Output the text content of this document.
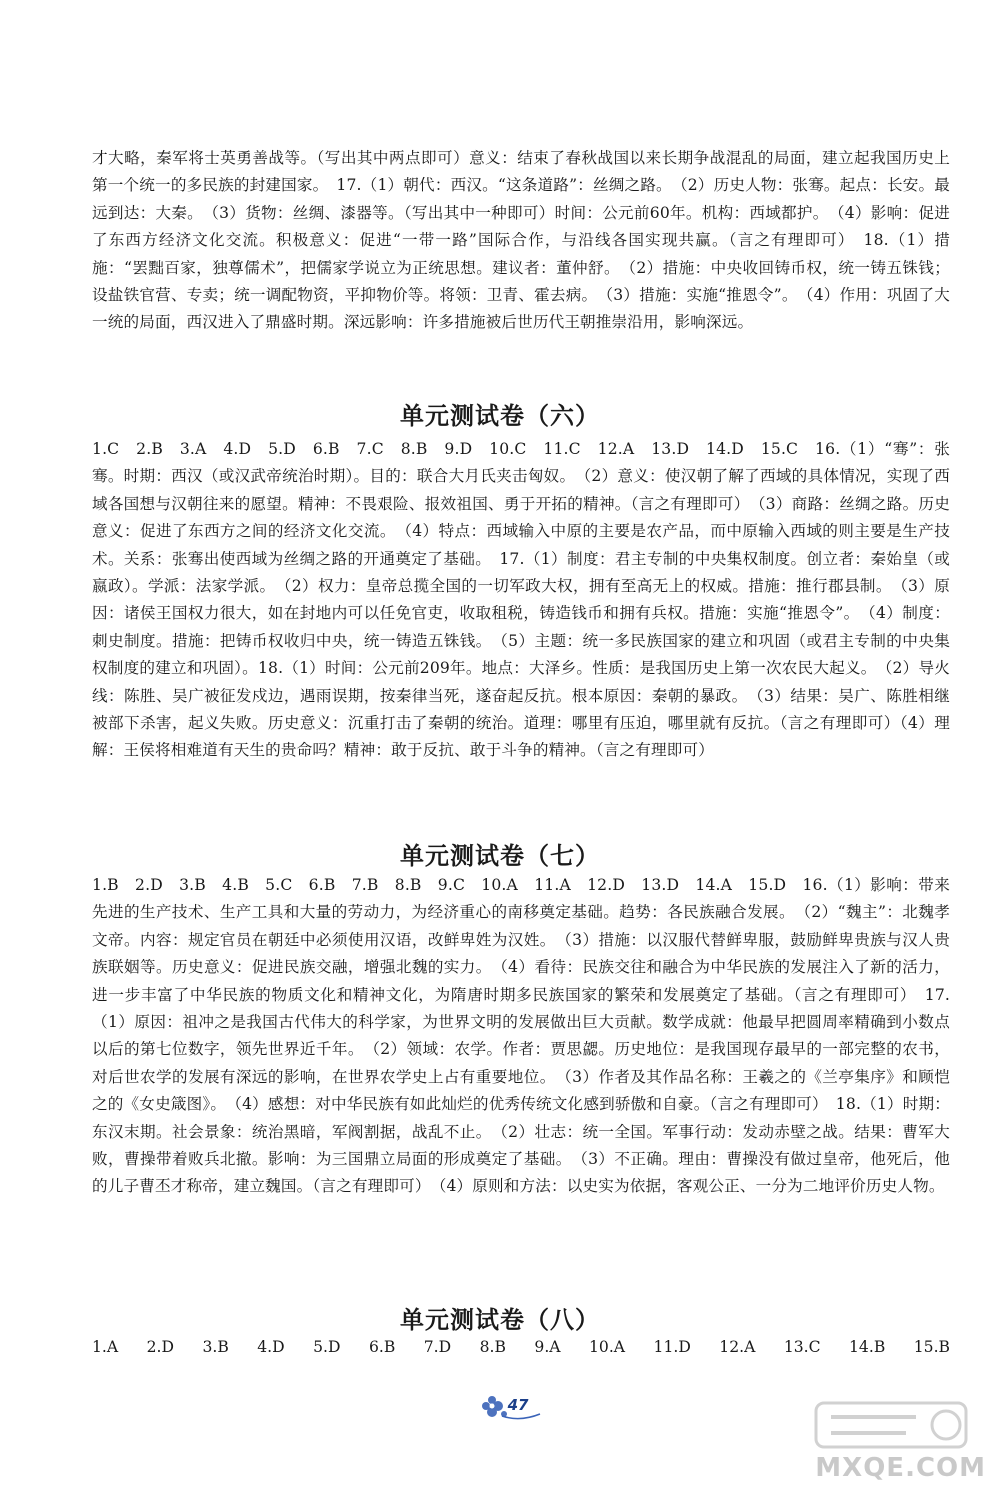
才大略，秦军将士英勇善战等。（写出其中两点即可）意义：结束了春秋战国以来长期争战混乱的局面，建立起我国历史上第一个统一的多民族的封建国家。　17.（1）朝代：西汉。“这条道路”：丝绸之路。　（2）历史人物：张骞。起点：长安。最远到达：大秦。　（3）货物：丝绸、漆器等。（写出其中一种即可）时间：公元前60年。机构：西域都护。　（4）影响：促进了东西方经济文化交流。积极意义：促进“一带一路”国际合作，与沿线各国实现共赢。（言之有理即可）　18.（1）措施：“罢黜百家，独尊儒术”，把儒家学说立为正统思想。建议者：董仲舒。　（2）措施：中央收回铸币权，统一铸五铢钱；设盐铁官营、专卖；统一调配物资，平抑物价等。将领：卫青、霍去病。　（3）措施：实施“推恩令”。　（4）作用：巩固了大一统的局面，西汉进入了鼎盛时期。深远影响：许多措施被后世历代王朝推崇沿用，影响深远。
单元测试卷（六）
1.C　2.B　3.A　4.D　5.D　6.B　7.C　8.B　9.D　10.C　11.C　12.A　13.D　14.D　15.C　16.（1）“骞”：张骞。时期：西汉（或汉武帝统治时期）。目的：联合大月氏夹击匈奴。　（2）意义：使汉朝了解了西域的具体情况，实现了西域各国想与汉朝往来的愿望。精神：不畏艰险、报效祖国、勇于开拓的精神。（言之有理即可）　（3）商路：丝绸之路。历史意义：促进了东西方之间的经济文化交流。　（4）特点：西域输入中原的主要是农产品，而中原输入西域的则主要是生产技术。关系：张骞出使西域为丝绸之路的开通奠定了基础。　17.（1）制度：君主专制的中央集权制度。创立者：秦始皇（或嬴政）。学派：法家学派。　（2）权力：皇帝总揽全国的一切军政大权，拥有至高无上的权威。措施：推行郡县制。　（3）原因：诸侯王国权力很大，如在封地内可以任免官吏，收取租税，铸造钱币和拥有兵权。措施：实施“推恩令”。　（4）制度：刺史制度。措施：把铸币权收归中央，统一铸造五铢钱。　（5）主题：统一多民族国家的建立和巩固（或君主专制的中央集权制度的建立和巩固）。18.（1）时间：公元前209年。地点：大泽乡。性质：是我国历史上第一次农民大起义。　（2）导火线：陈胜、吴广被征发戍边，遇雨误期，按秦律当死，遂奋起反抗。根本原因：秦朝的暴政。　（3）结果：吴广、陈胜相继被部下杀害，起义失败。历史意义：沉重打击了秦朝的统治。道理：哪里有压迫，哪里就有反抗。（言之有理即可）（4）理解：王侯将相难道有天生的贵命吗？精神：敢于反抗、敢于斗争的精神。（言之有理即可）
单元测试卷（七）
1.B　2.D　3.B　4.B　5.C　6.B　7.B　8.B　9.C　10.A　11.A　12.D　13.D　14.A　15.D　16.（1）影响：带来先进的生产技术、生产工具和大量的劳动力，为经济重心的南移奠定基础。趋势：各民族融合发展。　（2）“魏主”：北魏孝文帝。内容：规定官员在朝廷中必须使用汉语，改鲜卑姓为汉姓。　（3）措施：以汉服代替鲜卑服，鼓励鲜卑贵族与汉人贵族联姻等。历史意义：促进民族交融，增强北魏的实力。　（4）看待：民族交往和融合为中华民族的发展注入了新的活力，进一步丰富了中华民族的物质文化和精神文化，为隋唐时期多民族国家的繁荣和发展奠定了基础。（言之有理即可）　17.（1）原因：祖冲之是我国古代伟大的科学家，为世界文明的发展做出巨大贡献。数学成就：他最早把圆周率精确到小数点以后的第七位数字，领先世界近千年。　（2）领域：农学。作者：贾思勰。历史地位：是我国现存最早的一部完整的农书，对后世农学的发展有深远的影响，在世界农学史上占有重要地位。　（3）作者及其作品名称：王羲之的《兰亭集序》和顾恺之的《女史箴图》。　（4）感想：对中华民族有如此灿烂的优秀传统文化感到骄傲和自豪。（言之有理即可）　18.（1）时期：东汉末期。社会景象：统治黑暗，军阀割据，战乱不止。　（2）壮志：统一全国。军事行动：发动赤壁之战。结果：曹军大败，曹操带着败兵北撤。影响：为三国鼎立局面的形成奠定了基础。　（3）不正确。理由：曹操没有做过皇帝，他死后，他的儿子曹丕才称帝，建立魏国。（言之有理即可）　（4）原则和方法：以史实为依据，客观公正、一分为二地评价历史人物。
单元测试卷（八）
1.A　2.D　3.B　4.D　5.D　6.B　7.D　8.B　9.A　10.A　11.D　12.A　13.C　14.B　15.B
47
MXQE.COM
